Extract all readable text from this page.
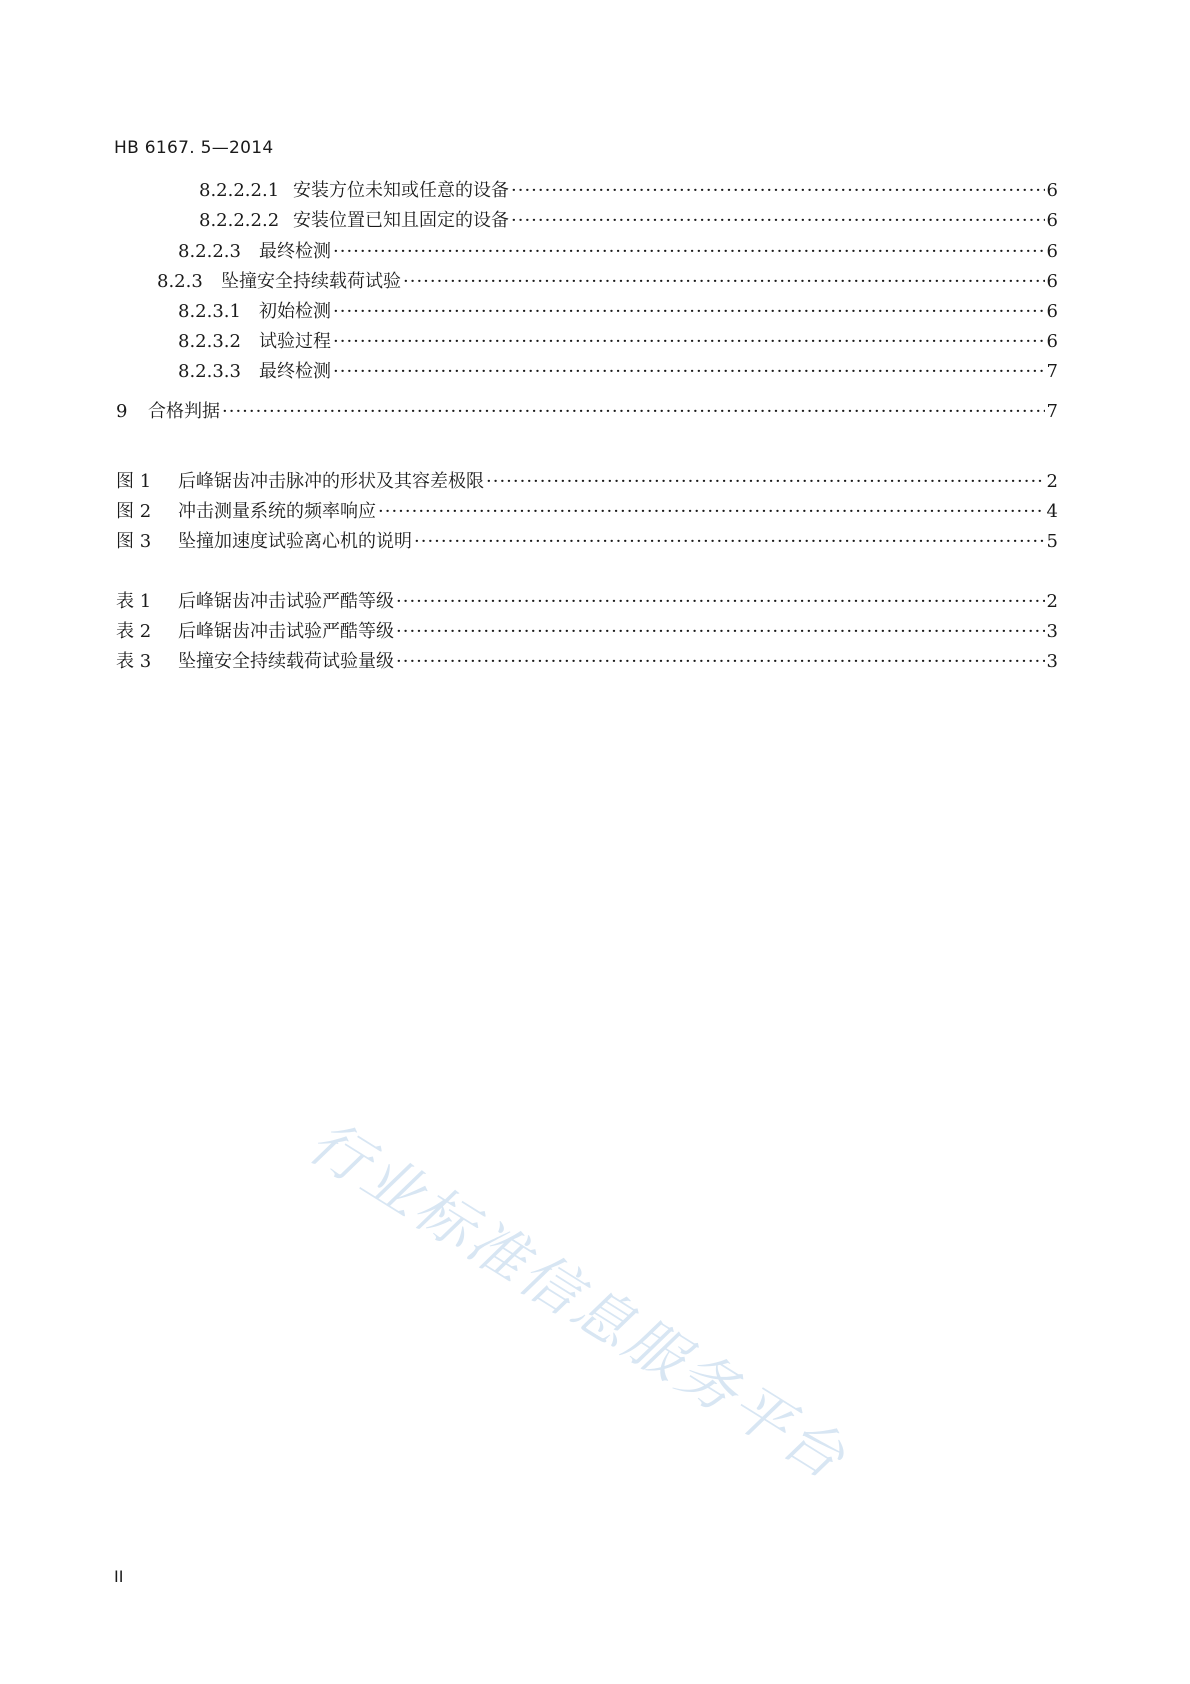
HB 6167. 5—2014
8.2.2.2.1 安装方位未知或任意的设备 ·····	6
8.2.2.2.2 安装位置已知且固定的设备 ·····	6
8.2.2.3	最终检测 ·····	6
8.2.3	坠撞安全持续载荷试验 ·····	6
8.2.3.1	初始检测 ·····	6
8.2.3.2	试验过程 ·····	6
8.2.3.3	最终检测 ·····	7
9	合格判据 ·····	7
图 1	后峰锯齿冲击脉冲的形状及其容差极限 ·····	2
图 2	冲击测量系统的频率响应 ·····	4
图 3	坠撞加速度试验离心机的说明 ·····	5
表 1	后峰锯齿冲击试验严酷等级 ·····	2
表 2	后峰锯齿冲击试验严酷等级 ·····	3
表 3	坠撞安全持续载荷试验量级 ·····	3
行业标准信息服务平台
II
